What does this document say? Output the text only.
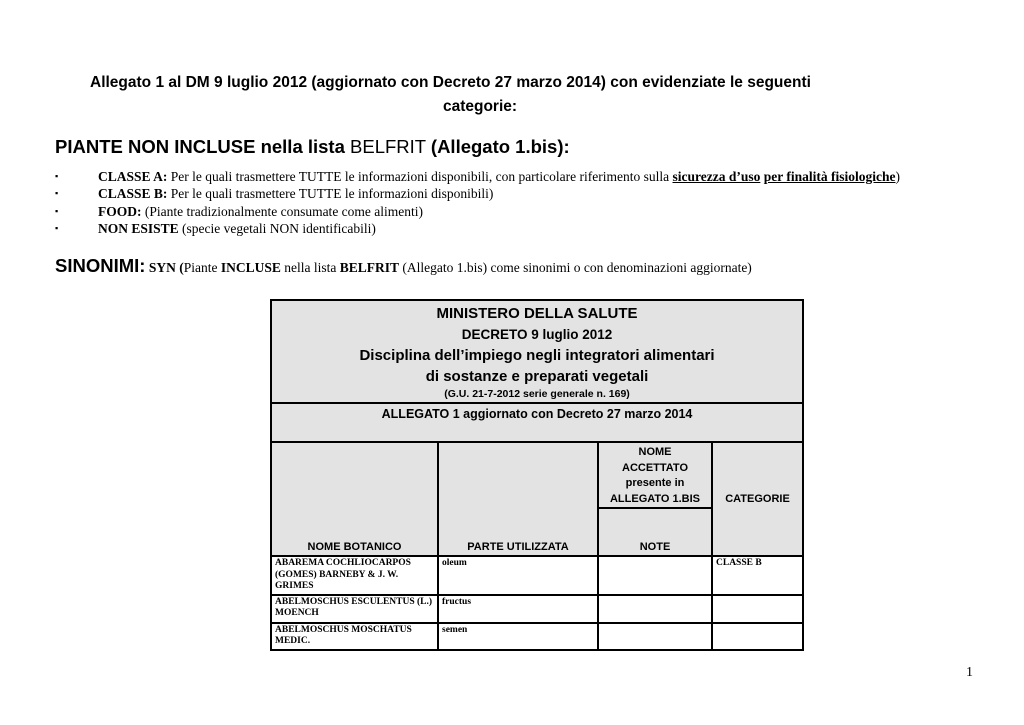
Allegato 1 al DM 9 luglio 2012 (aggiornato con Decreto 27 marzo 2014) con evidenziate le seguenti
categorie:
PIANTE NON INCLUSE nella lista BELFRIT (Allegato 1.bis):
▪	CLASSE A: Per le quali trasmettere TUTTE le informazioni disponibili, con particolare riferimento sulla sicurezza d’uso per finalità fisiologiche)
▪	CLASSE B: Per le quali trasmettere TUTTE le informazioni disponibili)
▪	FOOD: (Piante tradizionalmente consumate come alimenti)
▪	NON ESISTE (specie vegetali NON identificabili)
SINONIMI: SYN (Piante INCLUSE nella lista BELFRIT (Allegato 1.bis) come sinonimi o con denominazioni aggiornate)
MINISTERO DELLA SALUTE
DECRETO 9 luglio 2012
Disciplina dell’impiego negli integratori alimentari
di sostanze e preparati vegetali
(G.U. 21-7-2012 serie generale n. 169)			

ALLEGATO 1 aggiornato con Decreto 27 marzo 2014			
NOME BOTANICO	PARTE UTILIZZATA	NOME
ACCETTATO
presente in
ALLEGATO 1.BIS	CATEGORIE
		NOTE	
ABAREMA COCHLIOCARPOS (GOMES) BARNEBY & J. W. GRIMES	oleum		CLASSE B
ABELMOSCHUS ESCULENTUS (L.) MOENCH	fructus		
ABELMOSCHUS MOSCHATUS MEDIC.	semen		
1
